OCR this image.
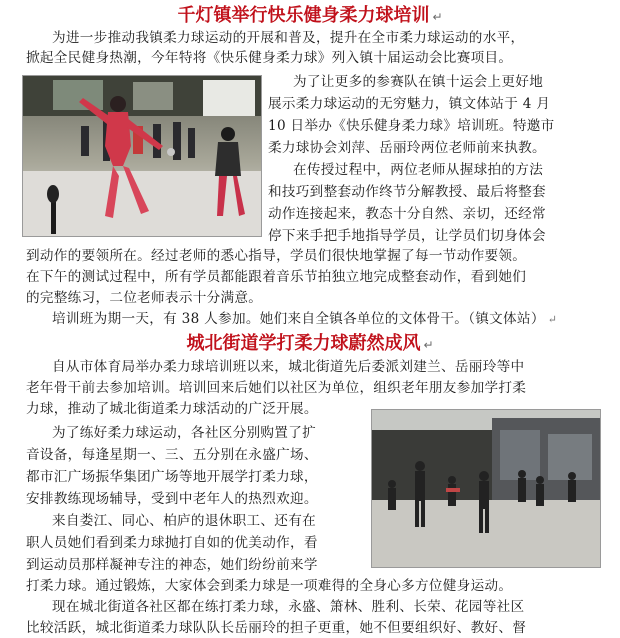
千灯镇举行快乐健身柔力球培训 ↵
为进一步推动我镇柔力球运动的开展和普及，提升在全市柔力球运动的水平，
掀起全民健身热潮，今年特将《快乐健身柔力球》列入镇十届运动会比赛项目。
为了让更多的参赛队在镇十运会上更好地
展示柔力球运动的无穷魅力，镇文体站于 4 月
10 日举办《快乐健身柔力球》培训班。特邀市
柔力球协会刘萍、岳丽玲两位老师前来执教。
在传授过程中，两位老师从握球拍的方法
和技巧到整套动作终节分解教授、最后将整套
动作连接起来，教态十分自然、亲切，还经常
停下来手把手地指导学员，让学员们切身体会
到动作的要领所在。经过老师的悉心指导，学员们很快地掌握了每一节动作要领。
在下午的测试过程中，所有学员都能跟着音乐节拍独立地完成整套动作，看到她们
的完整练习，二位老师表示十分满意。
培训班为期一天，有 38 人参加。她们来自全镇各单位的文体骨干。（镇文体站） ↵
城北街道学打柔力球蔚然成风 ↵
自从市体育局举办柔力球培训班以来，城北街道先后委派刘建兰、岳丽玲等中
老年骨干前去参加培训。培训回来后她们以社区为单位，组织老年朋友参加学打柔
力球，推动了城北街道柔力球活动的广泛开展。
为了练好柔力球运动，各社区分别购置了扩
音设备，每逢星期一、三、五分别在永盛广场、
都市汇广场振华集团广场等地开展学打柔力球，
安排教练现场辅导，受到中老年人的热烈欢迎。
来自娄江、同心、柏庐的退休职工、还有在
职人员她们看到柔力球抛打自如的优美动作，看
到运动员那样凝神专注的神态，她们纷纷前来学
打柔力球。通过锻炼，大家体会到柔力球是一项难得的全身心多方位健身运动。
现在城北街道各社区都在练打柔力球，永盛、箫林、胜利、长荣、花园等社区
比较活跃，城北街道柔力球队队长岳丽玲的担子更重，她不但要组织好、教好、督
